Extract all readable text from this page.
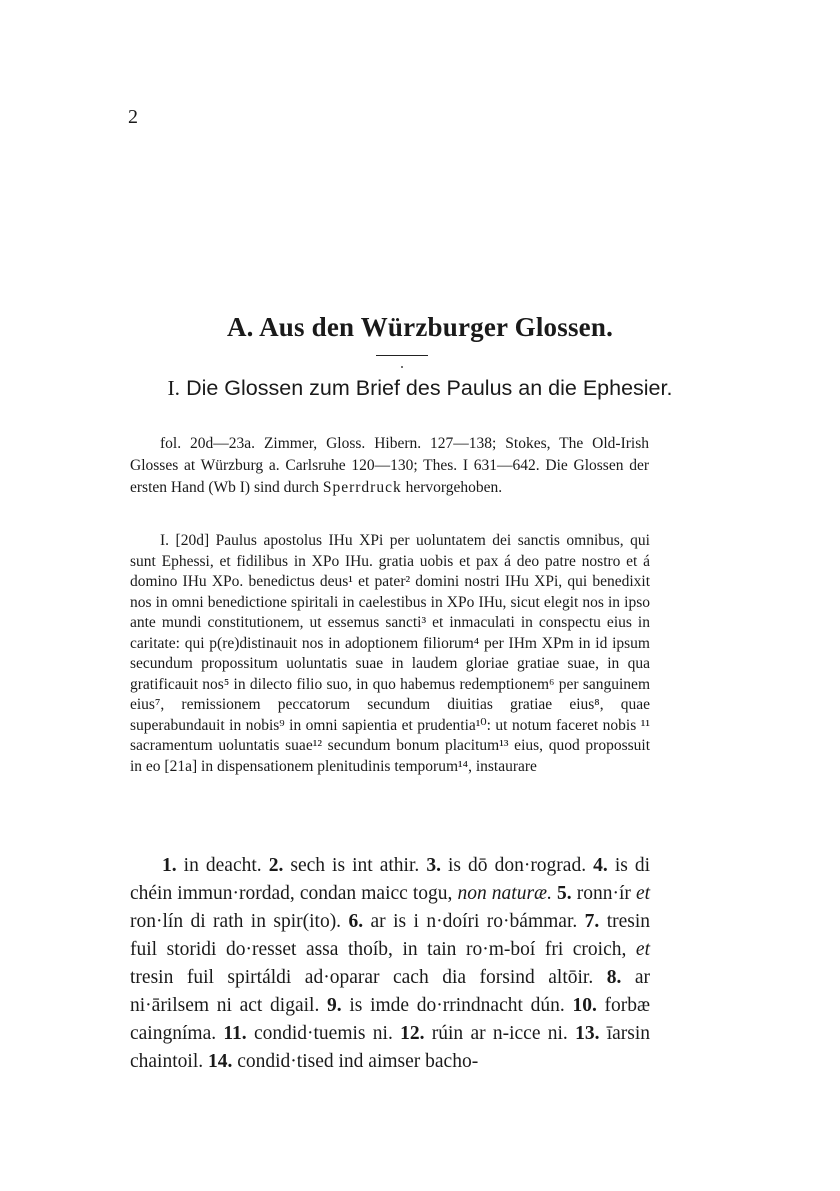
2
A. Aus den Würzburger Glossen.
I. Die Glossen zum Brief des Paulus an die Ephesier.

fol. 20d—23a. Zimmer, Gloss. Hibern. 127—138; Stokes, The Old-Irish Glosses at Würzburg a. Carlsruhe 120—130; Thes. I 631—642. Die Glossen der ersten Hand (Wb I) sind durch Sperrdruck hervorgehoben.

I. [20d] Paulus apostolus IHu XPi per uoluntatem dei sanctis omnibus, qui sunt Ephessi, et fidilibus in XPo IHu. gratia uobis et pax á deo patre nostro et á domino IHu XPo. benedictus deus¹ et pater² domini nostri IHu XPi, qui benedixit nos in omni benedictione spiritali in caelestibus in XPo IHu, sicut elegit nos in ipso ante mundi constitutionem, ut essemus sancti³ et inmaculati in conspectu eius in caritate: qui p(re)distinauit nos in adoptionem filiorum⁴ per IHm XPm in id ipsum secundum propossitum uoluntatis suae in laudem gloriae gratiae suae, in qua gratificauit nos⁵ in dilecto filio suo, in quo habemus redemptionem⁶ per sanguinem eius⁷, remissionem peccatorum secundum diuitias gratiae eius⁸, quae superabundauit in nobis⁹ in omni sapientia et prudentia¹⁰: ut notum faceret nobis ¹¹ sacramentum uoluntatis suae¹² secundum bonum placitum¹³ eius, quod propossuit in eo [21a] in dispensationem plenitudinis temporum¹⁴, instaurare
1. in deacht. 2. sech is int athir. 3. is dō don·rograd. 4. is di chéin immun·rordad, condan maicc togu, non naturæ. 5. ronn·ír et ron·lín di rath in spir(ito). 6. ar is i n·doíri ro·bámmar. 7. tresin fuil storidi do·resset assa thoíb, in tain ro·m-boí fri croich, et tresin fuil spirtáldi ad·oparar cach dia forsind altōir. 8. ar ni·ārilsem ni act digail. 9. is imde do·rrindnacht dún. 10. forbæ caingníma. 11. condid·tuemis ni. 12. rúin ar n-icce ni. 13. īarsin chaintoil. 14. condid·tised ind aimser bacho-
